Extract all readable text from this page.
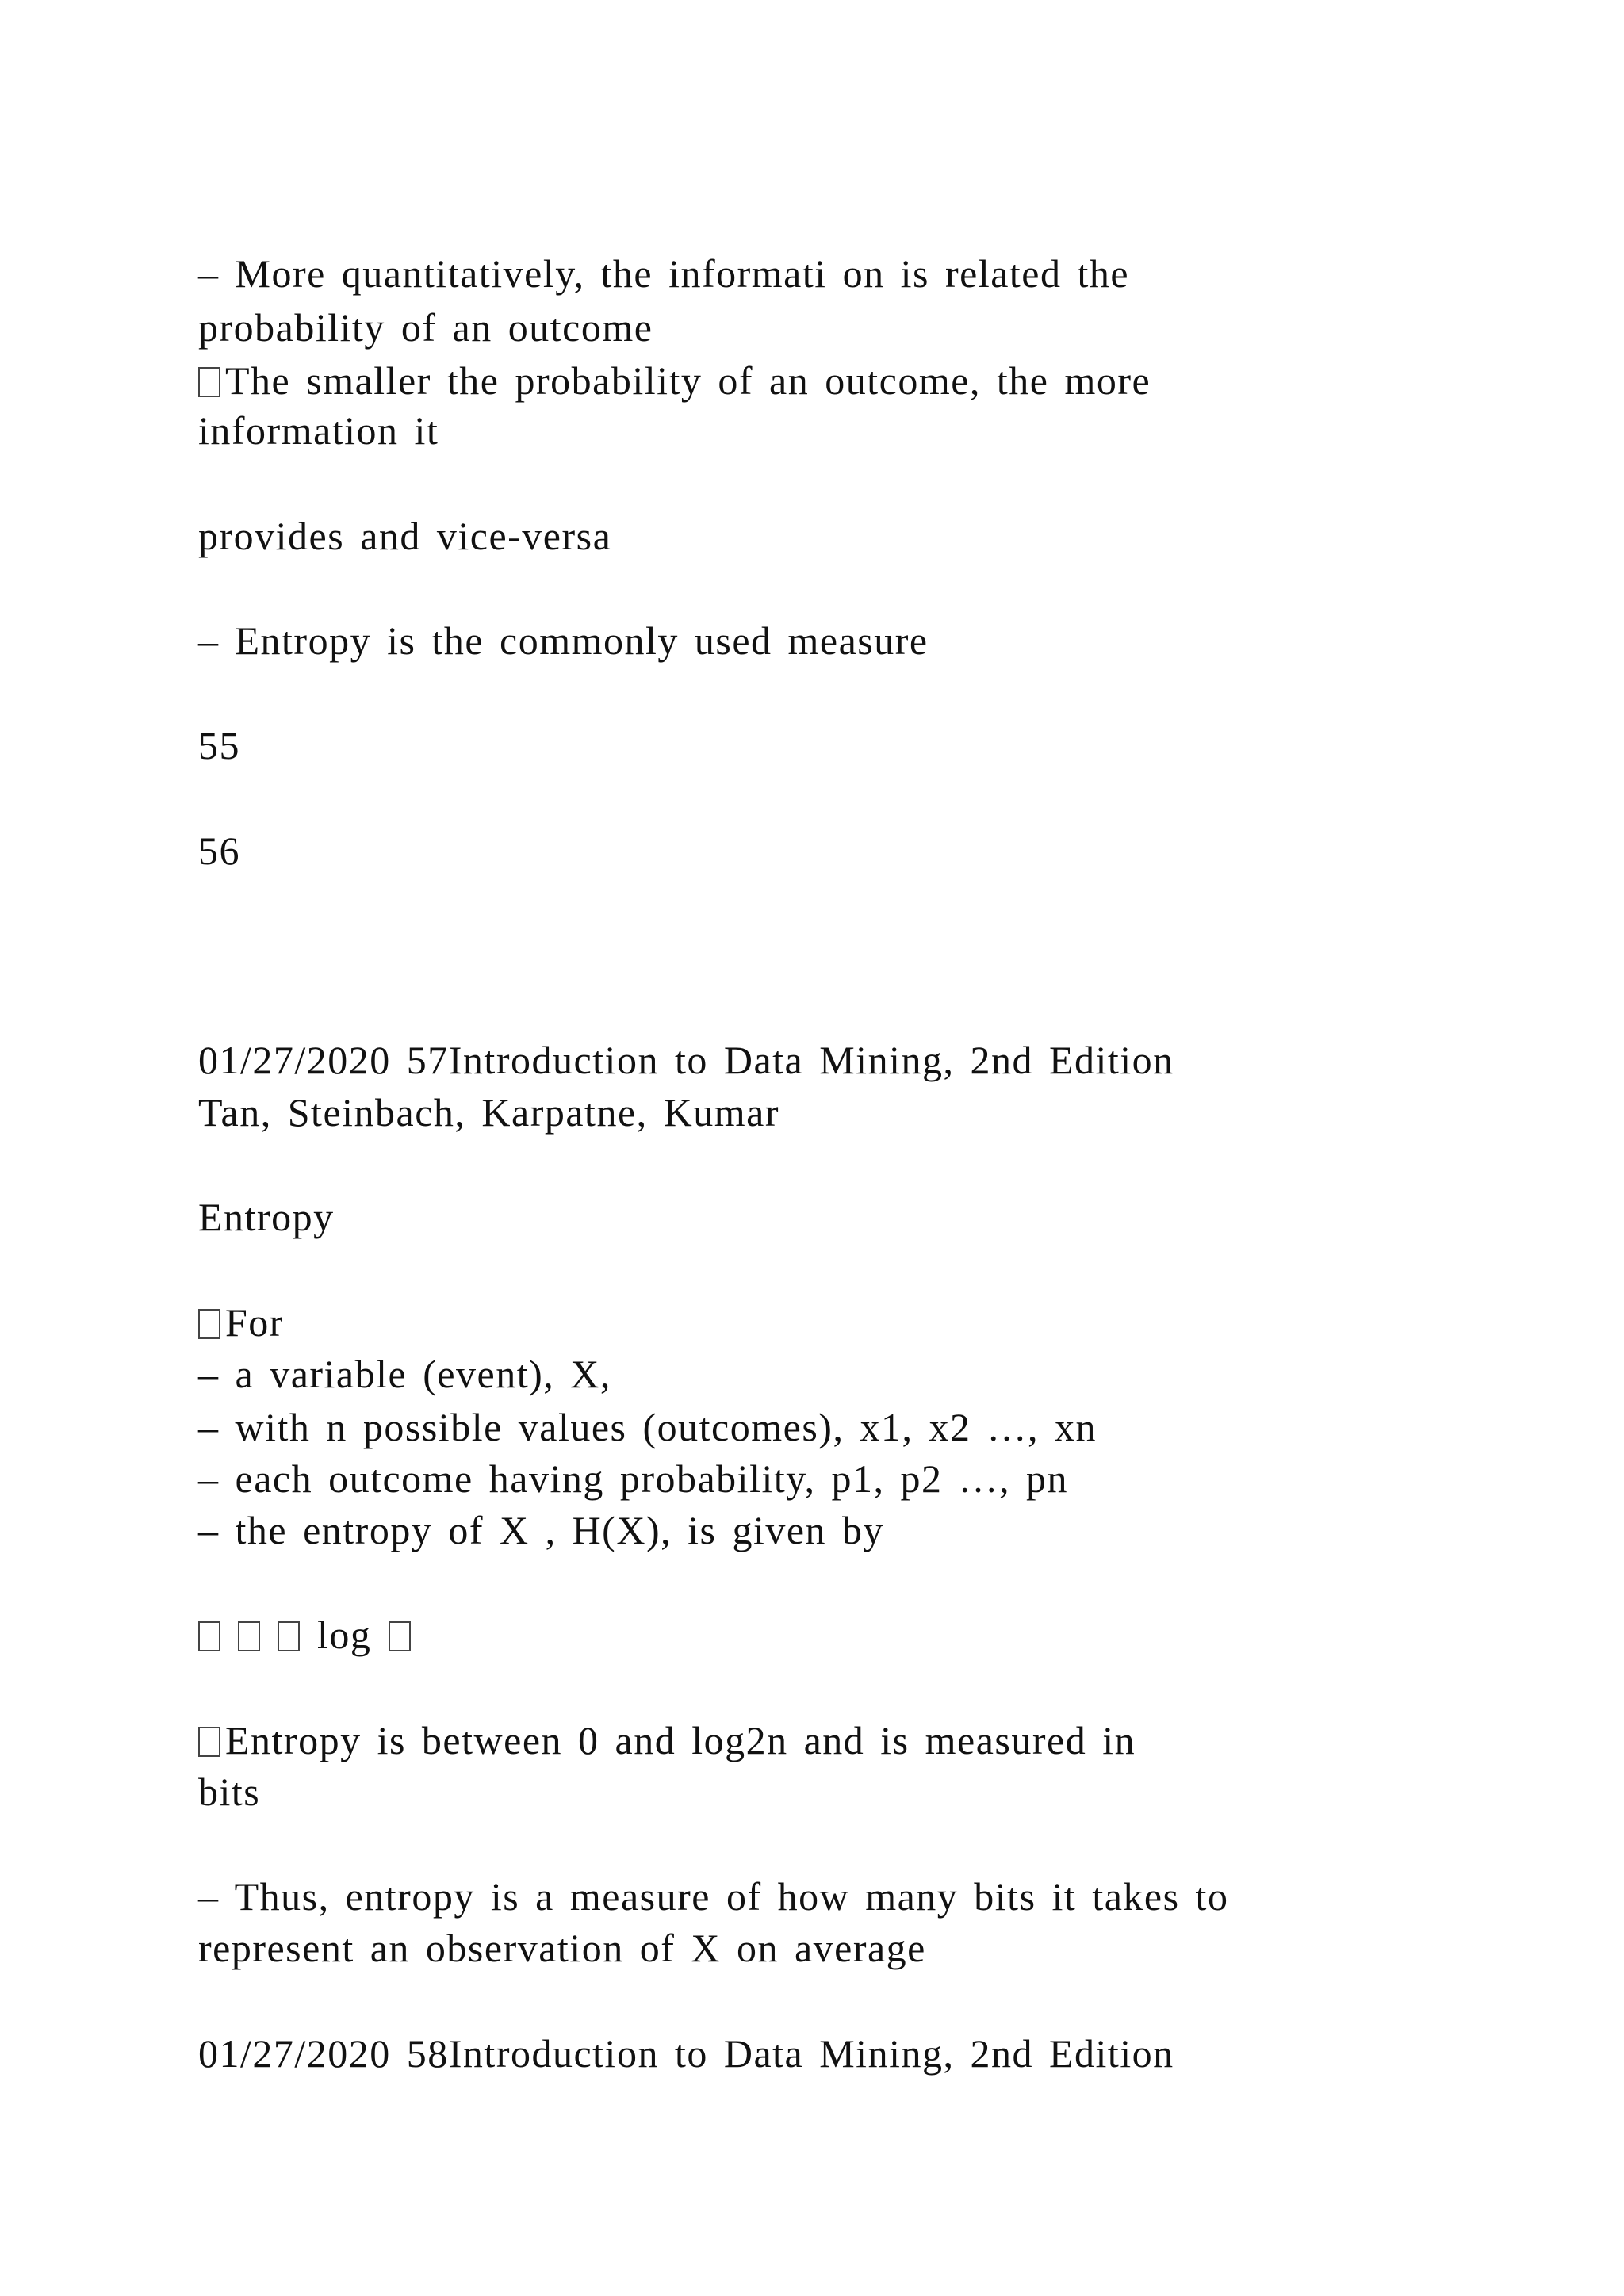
– More quantitatively, the informati on is related the
probability of an outcome
The smaller the probability of an outcome, the more
information it
provides and vice-versa
– Entropy is the commonly used measure
55
56
01/27/2020 57Introduction to Data Mining, 2nd Edition
Tan, Steinbach, Karpatne, Kumar
Entropy
For
– a variable (event), X,
– with n possible values (outcomes), x1, x2 …, xn
– each outcome having probability, p1, p2 …, pn
– the entropy of X , H(X), is given by
log
Entropy is between 0 and log2n and is measured in
bits
– Thus, entropy is a measure of how many bits it takes to
represent an observation of X on average
01/27/2020 58Introduction to Data Mining, 2nd Edition
